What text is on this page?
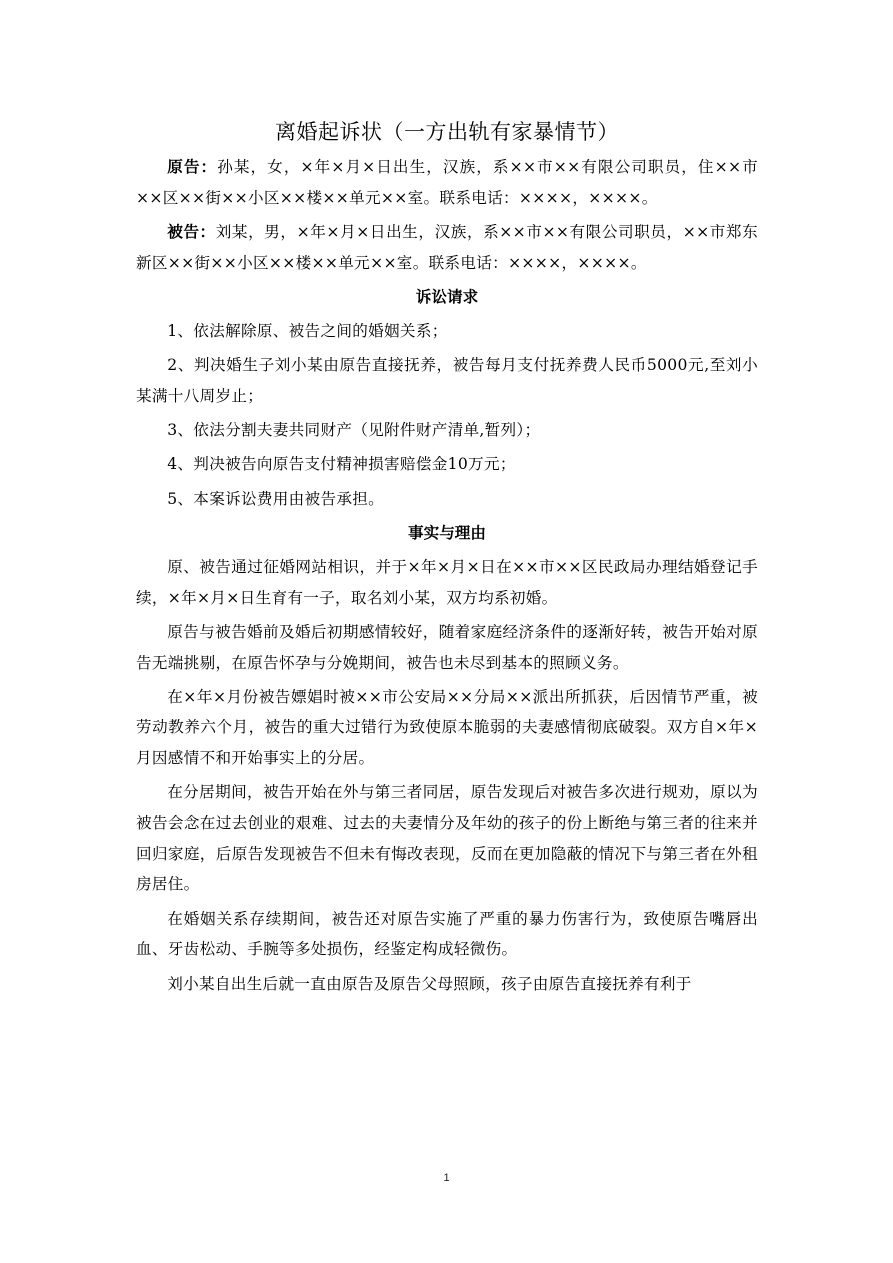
离婚起诉状（一方出轨有家暴情节）

原告：孙某，女，×年×月×日出生，汉族，系××市××有限公司职员，住××市××区××街××小区××楼××单元××室。联系电话：××××，××××。

被告：刘某，男，×年×月×日出生，汉族，系××市××有限公司职员，××市郑东新区××街××小区××楼××单元××室。联系电话：××××，××××。

诉讼请求

1、依法解除原、被告之间的婚姻关系；

2、判决婚生子刘小某由原告直接抚养，被告每月支付抚养费人民币5000元,至刘小某满十八周岁止；

3、依法分割夫妻共同财产（见附件财产清单,暂列）；

4、判决被告向原告支付精神损害赔偿金10万元；

5、本案诉讼费用由被告承担。

事实与理由

原、被告通过征婚网站相识，并于×年×月×日在××市××区民政局办理结婚登记手续，×年×月×日生育有一子，取名刘小某，双方均系初婚。

原告与被告婚前及婚后初期感情较好，随着家庭经济条件的逐渐好转，被告开始对原告无端挑剔，在原告怀孕与分娩期间，被告也未尽到基本的照顾义务。

在×年×月份被告嫖娼时被××市公安局××分局××派出所抓获，后因情节严重，被劳动教养六个月，被告的重大过错行为致使原本脆弱的夫妻感情彻底破裂。双方自×年×月因感情不和开始事实上的分居。

在分居期间，被告开始在外与第三者同居，原告发现后对被告多次进行规劝，原以为被告会念在过去创业的艰难、过去的夫妻情分及年幼的孩子的份上断绝与第三者的往来并回归家庭，后原告发现被告不但未有悔改表现，反而在更加隐蔽的情况下与第三者在外租房居住。

在婚姻关系存续期间，被告还对原告实施了严重的暴力伤害行为，致使原告嘴唇出血、牙齿松动、手腕等多处损伤，经鉴定构成轻微伤。

刘小某自出生后就一直由原告及原告父母照顾，孩子由原告直接抚养有利于

1
